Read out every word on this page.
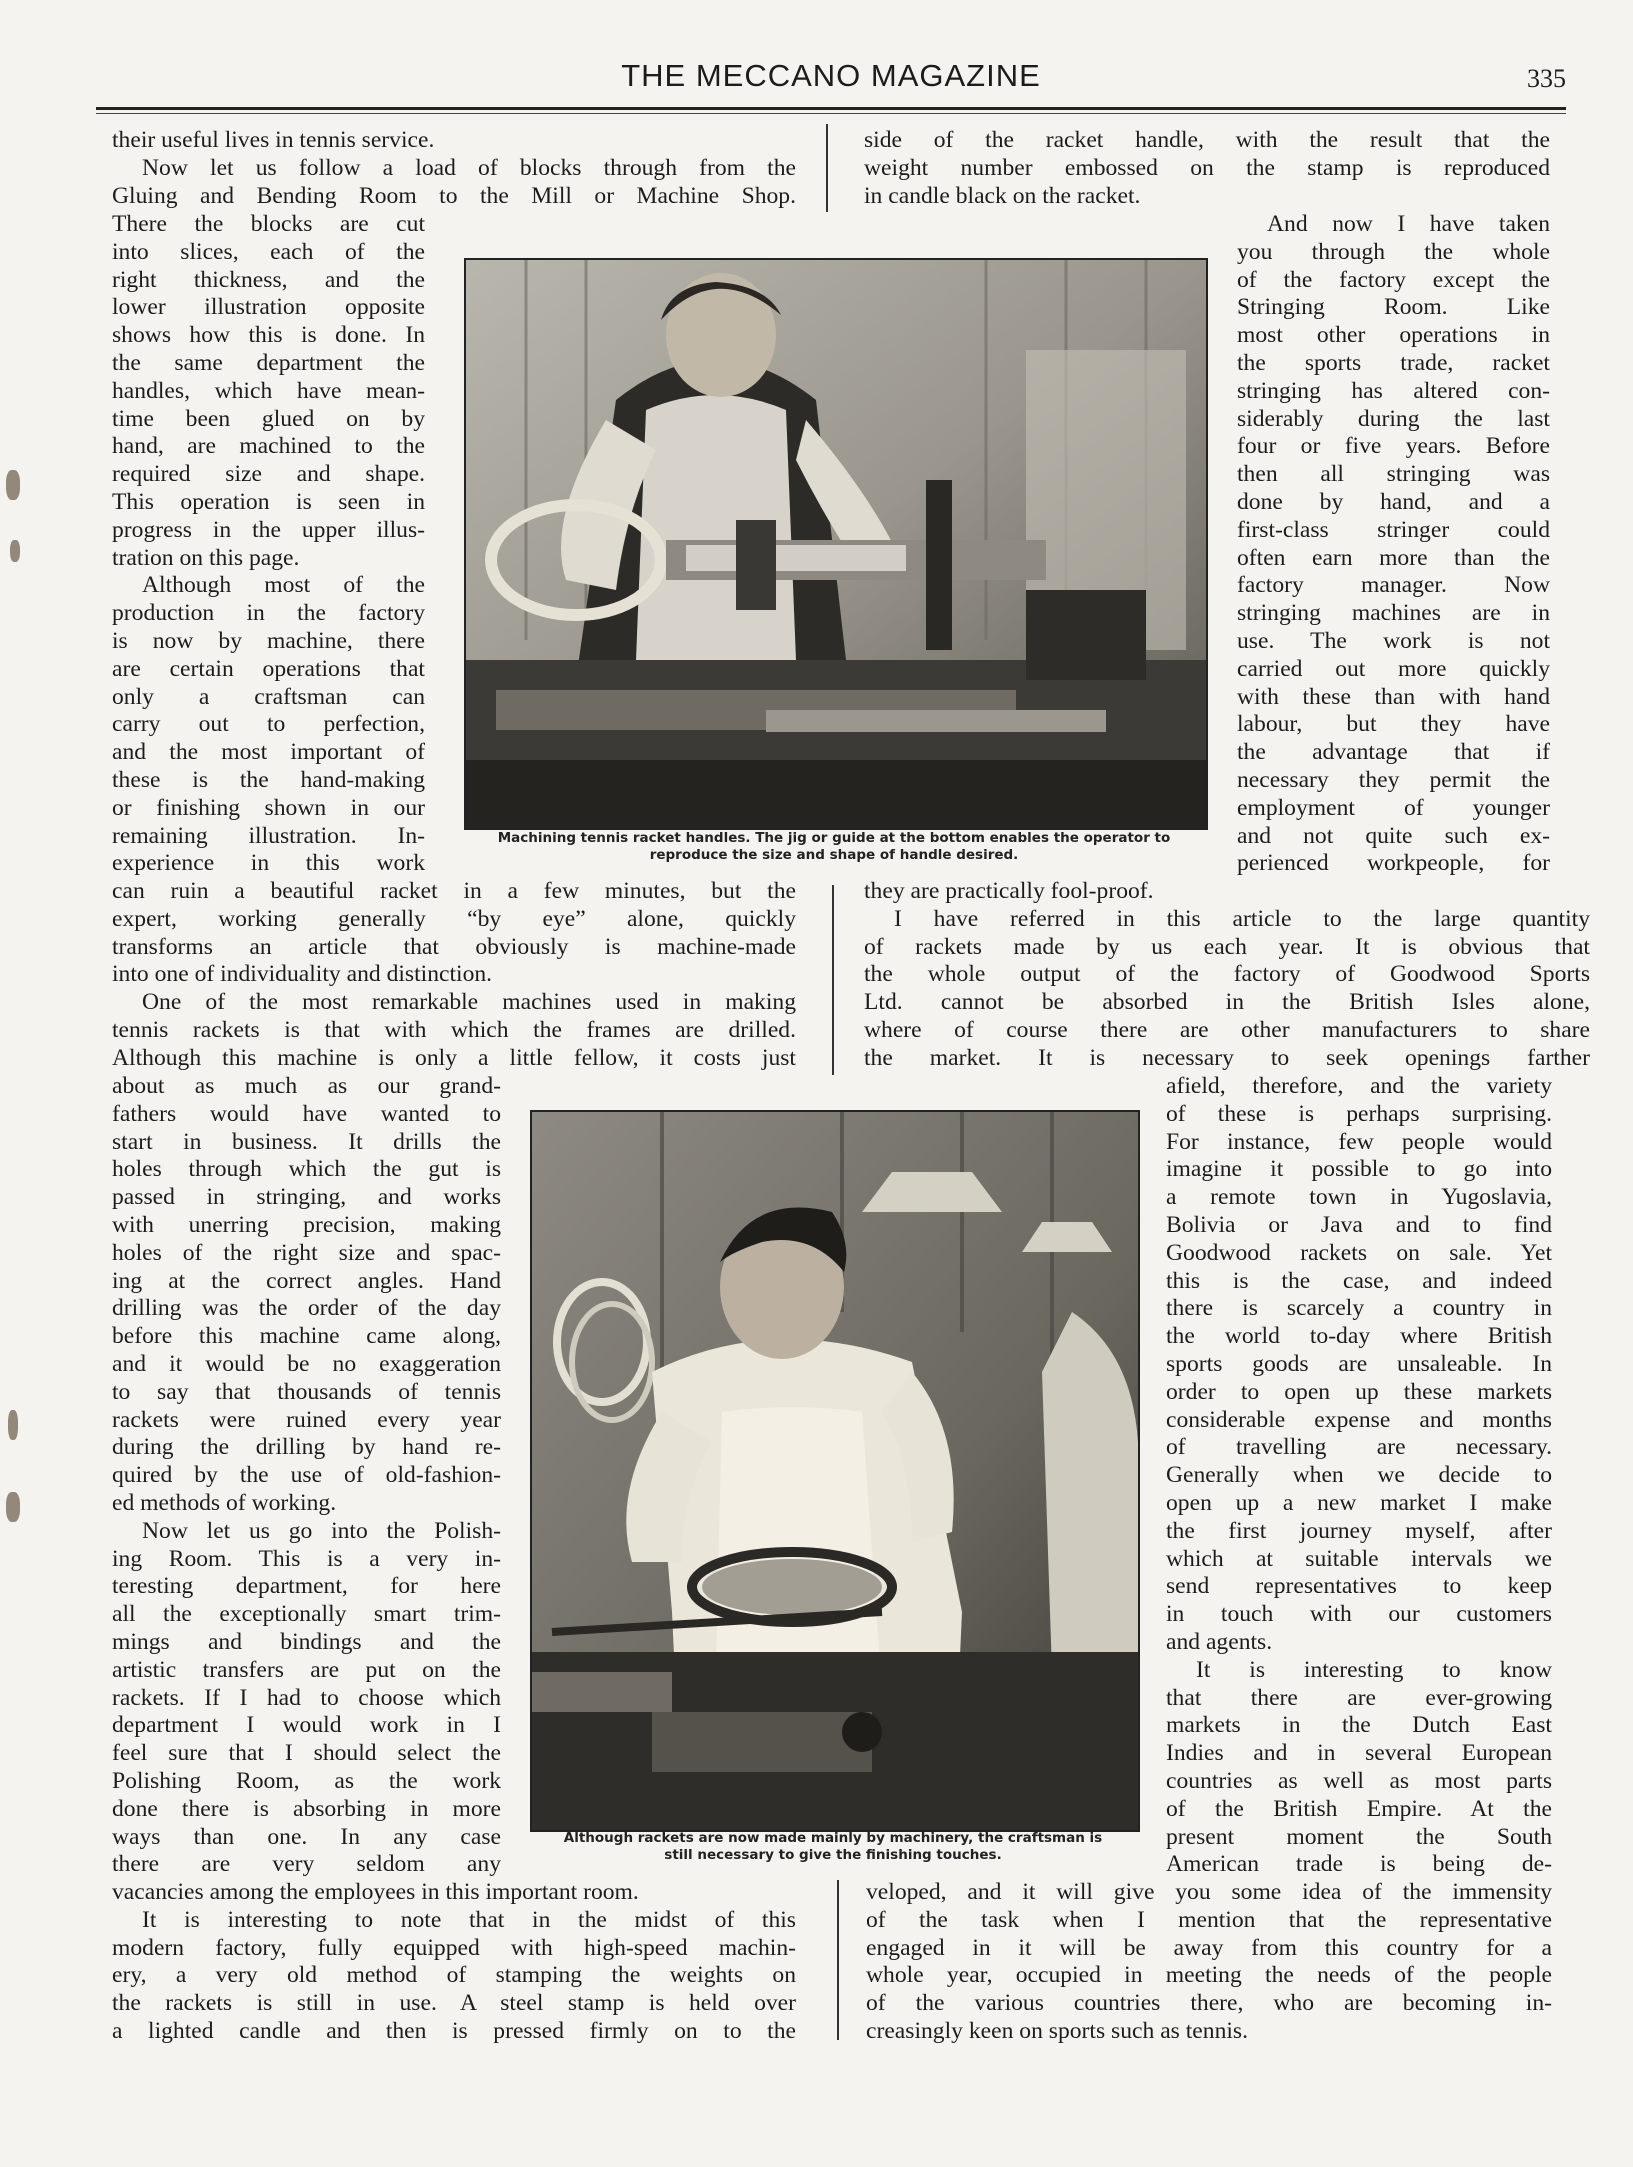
THE MECCANO MAGAZINE	335

their useful lives in tennis service.

Now let us follow a load of blocks through from the

Gluing and Bending Room to the Mill or Machine Shop.

There the blocks are cut

into slices, each of the

right thickness, and the

lower illustration opposite

shows how this is done. In

the same department the

handles, which have mean-

time been glued on by

hand, are machined to the

required size and shape.

This operation is seen in

progress in the upper illus-

tration on this page.

Although most of the

production in the factory

is now by machine, there

are certain operations that

only a craftsman can

carry out to perfection,

and the most important of

these is the hand-making

or finishing shown in our

remaining illustration. In-

experience in this work

can ruin a beautiful racket in a few minutes, but the

expert, working generally “by eye” alone, quickly

transforms an article that obviously is machine-made

into one of individuality and distinction.

One of the most remarkable machines used in making

tennis rackets is that with which the frames are drilled.

Although this machine is only a little fellow, it costs just

about as much as our grand-

fathers would have wanted to

start in business. It drills the

holes through which the gut is

passed in stringing, and works

with unerring precision, making

holes of the right size and spac-

ing at the correct angles. Hand

drilling was the order of the day

before this machine came along,

and it would be no exaggeration

to say that thousands of tennis

rackets were ruined every year

during the drilling by hand re-

quired by the use of old-fashion-

ed methods of working.

Now let us go into the Polish-

ing Room. This is a very in-

teresting department, for here

all the exceptionally smart trim-

mings and bindings and the

artistic transfers are put on the

rackets. If I had to choose which

department I would work in I

feel sure that I should select the

Polishing Room, as the work

done there is absorbing in more

ways than one. In any case

there are very seldom any

vacancies among the employees in this important room.

It is interesting to note that in the midst of this

modern factory, fully equipped with high-speed machin-

ery, a very old method of stamping the weights on

the rackets is still in use. A steel stamp is held over

a lighted candle and then is pressed firmly on to the

side of the racket handle, with the result that the

weight number embossed on the stamp is reproduced

in candle black on the racket.

And now I have taken

you through the whole

of the factory except the

Stringing Room. Like

most other operations in

the sports trade, racket

stringing has altered con-

siderably during the last

four or five years. Before

then all stringing was

done by hand, and a

first-class stringer could

often earn more than the

factory manager. Now

stringing machines are in

use. The work is not

carried out more quickly

with these than with hand

labour, but they have

the advantage that if

necessary they permit the

employment of younger

and not quite such ex-

perienced workpeople, for

they are practically fool-proof.

I have referred in this article to the large quantity

of rackets made by us each year. It is obvious that

the whole output of the factory of Goodwood Sports

Ltd. cannot be absorbed in the British Isles alone,

where of course there are other manufacturers to share

the market. It is necessary to seek openings farther

afield, therefore, and the variety

of these is perhaps surprising.

For instance, few people would

imagine it possible to go into

a remote town in Yugoslavia,

Bolivia or Java and to find

Goodwood rackets on sale. Yet

this is the case, and indeed

there is scarcely a country in

the world to-day where British

sports goods are unsaleable. In

order to open up these markets

considerable expense and months

of travelling are necessary.

Generally when we decide to

open up a new market I make

the first journey myself, after

which at suitable intervals we

send representatives to keep

in touch with our customers

and agents.

It is interesting to know

that there are ever-growing

markets in the Dutch East

Indies and in several European

countries as well as most parts

of the British Empire. At the

present moment the South

American trade is being de-

veloped, and it will give you some idea of the immensity

of the task when I mention that the representative

engaged in it will be away from this country for a

whole year, occupied in meeting the needs of the people

of the various countries there, who are becoming in-

creasingly keen on sports such as tennis.

Machining tennis racket handles. The jig or guide at the bottom enables the operator to
reproduce the size and shape of handle desired.
Although rackets are now made mainly by machinery, the craftsman is
still necessary to give the finishing touches.
